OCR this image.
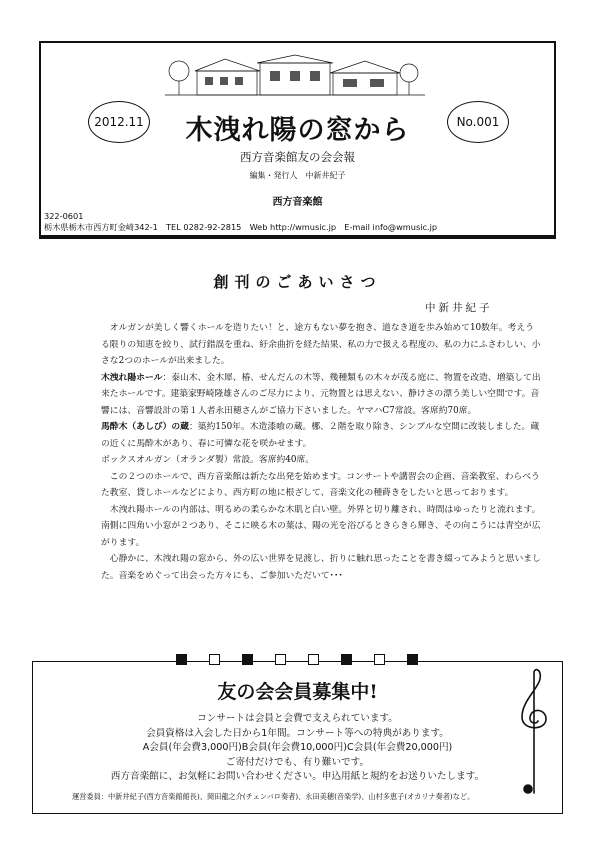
2012.11	No.001
木洩れ陽の窓から
西方音楽館友の会会報
編集・発行人　中新井紀子
西方音楽館
322-0601
栃木県栃木市西方町金崎342-1　TEL 0282-92-2815　Web http://wmusic.jp　E-mail info@wmusic.jp
創刊のごあいさつ
中新井紀子

オルガンが美しく響くホールを造りたい！と、途方もない夢を抱き、道なき道を歩み始めて10数年。考えうる限りの知恵を絞り、試行錯誤を重ね、紆余曲折を経た結果、私の力で扱える程度の、私の力にふさわしい、小さな2つのホールが出来ました。

木洩れ陽ホール：泰山木、金木犀、椿、せんだんの木等、幾種類もの木々が茂る庭に、物置を改造、増築して出来たホールです。建築家野崎隆雄さんのご尽力により、元物置とは思えない、静けさの漂う美しい空間です。音響には、音響設計の第１人者永田穂さんがご協力下さいました。ヤマハC7常設。客席約70席。

馬酔木（あしび）の蔵：築約150年。木造漆喰の蔵。梛、２階を取り除き、シンプルな空間に改装しました。蔵の近くに馬酔木があり、春に可憐な花を咲かせます。

ボックスオルガン（オランダ製）常設。客席約40席。

この２つのホールで、西方音楽館は新たな出発を始めます。コンサートや講習会の企画、音楽教室、わらべうた教室、貸しホールなどにより、西方町の地に根ざして、音楽文化の種蒔きをしたいと思っております。

木洩れ陽ホールの内部は、明るめの柔らかな木肌と白い壁。外界と切り離され、時間はゆったりと流れます。南側に四角い小窓が２つあり、そこに映る木の葉は、陽の光を浴びるときらきら輝き、その向こうには青空が広がります。

心静かに、木洩れ陽の窓から、外の広い世界を見渡し、折りに触れ思ったことを書き綴ってみようと思いました。音楽をめぐって出会った方々にも、ご参加いただいて･･･

友の会会員募集中!
コンサートは会員と会費で支えられています。
会員資格は入会した日から1年間。コンサート等への特典があります。
A会員(年会費3,000円)B会員(年会費10,000円)C会員(年会費20,000円)
ご寄付だけでも、有り難いです。
西方音楽館に、お気軽にお問い合わせください。申込用紙と規約をお送りいたします。
運営委員：中新井紀子(西方音楽館館長)、岡田龍之介(チェンバロ奏者)、永田美穂(音楽学)、山村多恵子(オカリナ奏者)など。
